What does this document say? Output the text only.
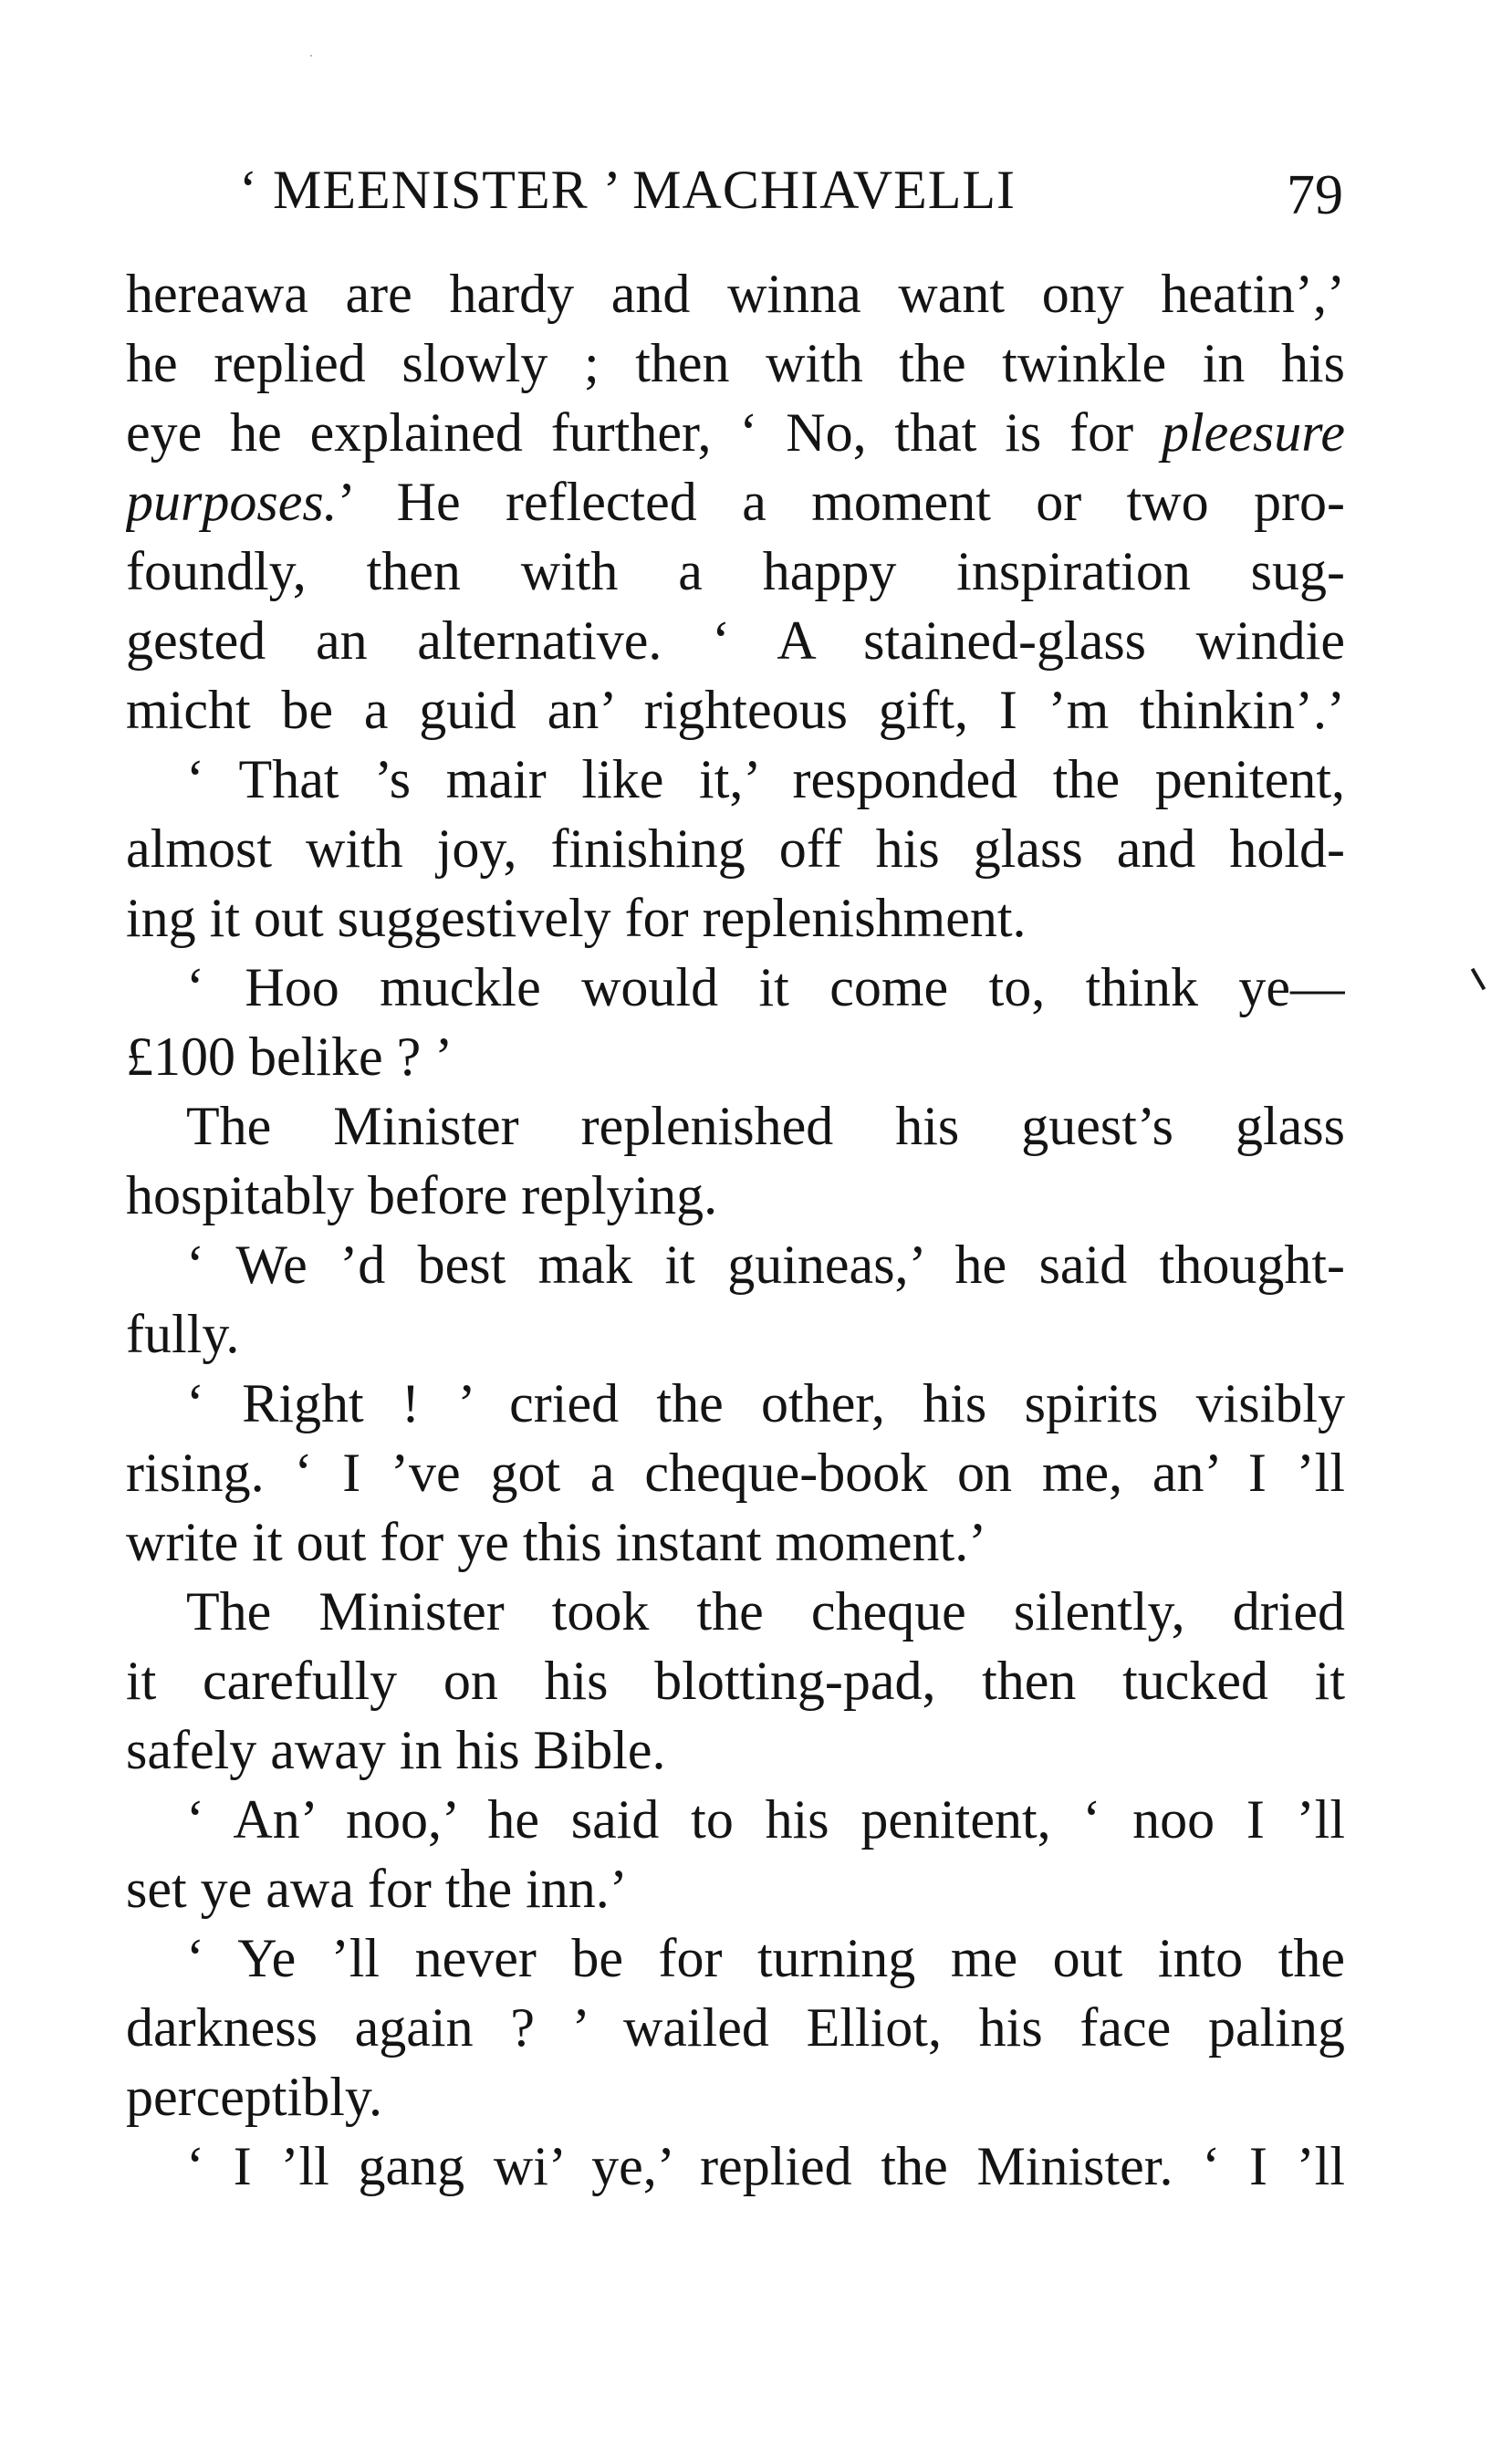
‘ MEENISTER ’ MACHIAVELLI	79
hereawa are hardy and winna want ony heatin’,’
he replied slowly ; then with the twinkle in his
eye he explained further, ‘ No, that is for pleesure
purposes.’ He reflected a moment or two pro-
foundly, then with a happy inspiration sug-
gested an alternative. ‘ A stained-glass windie
micht be a guid an’ righteous gift, I ’m thinkin’.’
‘ That ’s mair like it,’ responded the penitent,
almost with joy, finishing off his glass and hold-
ing it out suggestively for replenishment.
‘ Hoo muckle would it come to, think ye—
£100 belike ? ’
The Minister replenished his guest’s glass
hospitably before replying.
‘ We ’d best mak it guineas,’ he said thought-
fully.
‘ Right ! ’ cried the other, his spirits visibly
rising. ‘ I ’ve got a cheque-book on me, an’ I ’ll
write it out for ye this instant moment.’
The Minister took the cheque silently, dried
it carefully on his blotting-pad, then tucked it
safely away in his Bible.
‘ An’ noo,’ he said to his penitent, ‘ noo I ’ll
set ye awa for the inn.’
‘ Ye ’ll never be for turning me out into the
darkness again ? ’ wailed Elliot, his face paling
perceptibly.
‘ I ’ll gang wi’ ye,’ replied the Minister. ‘ I ’ll
